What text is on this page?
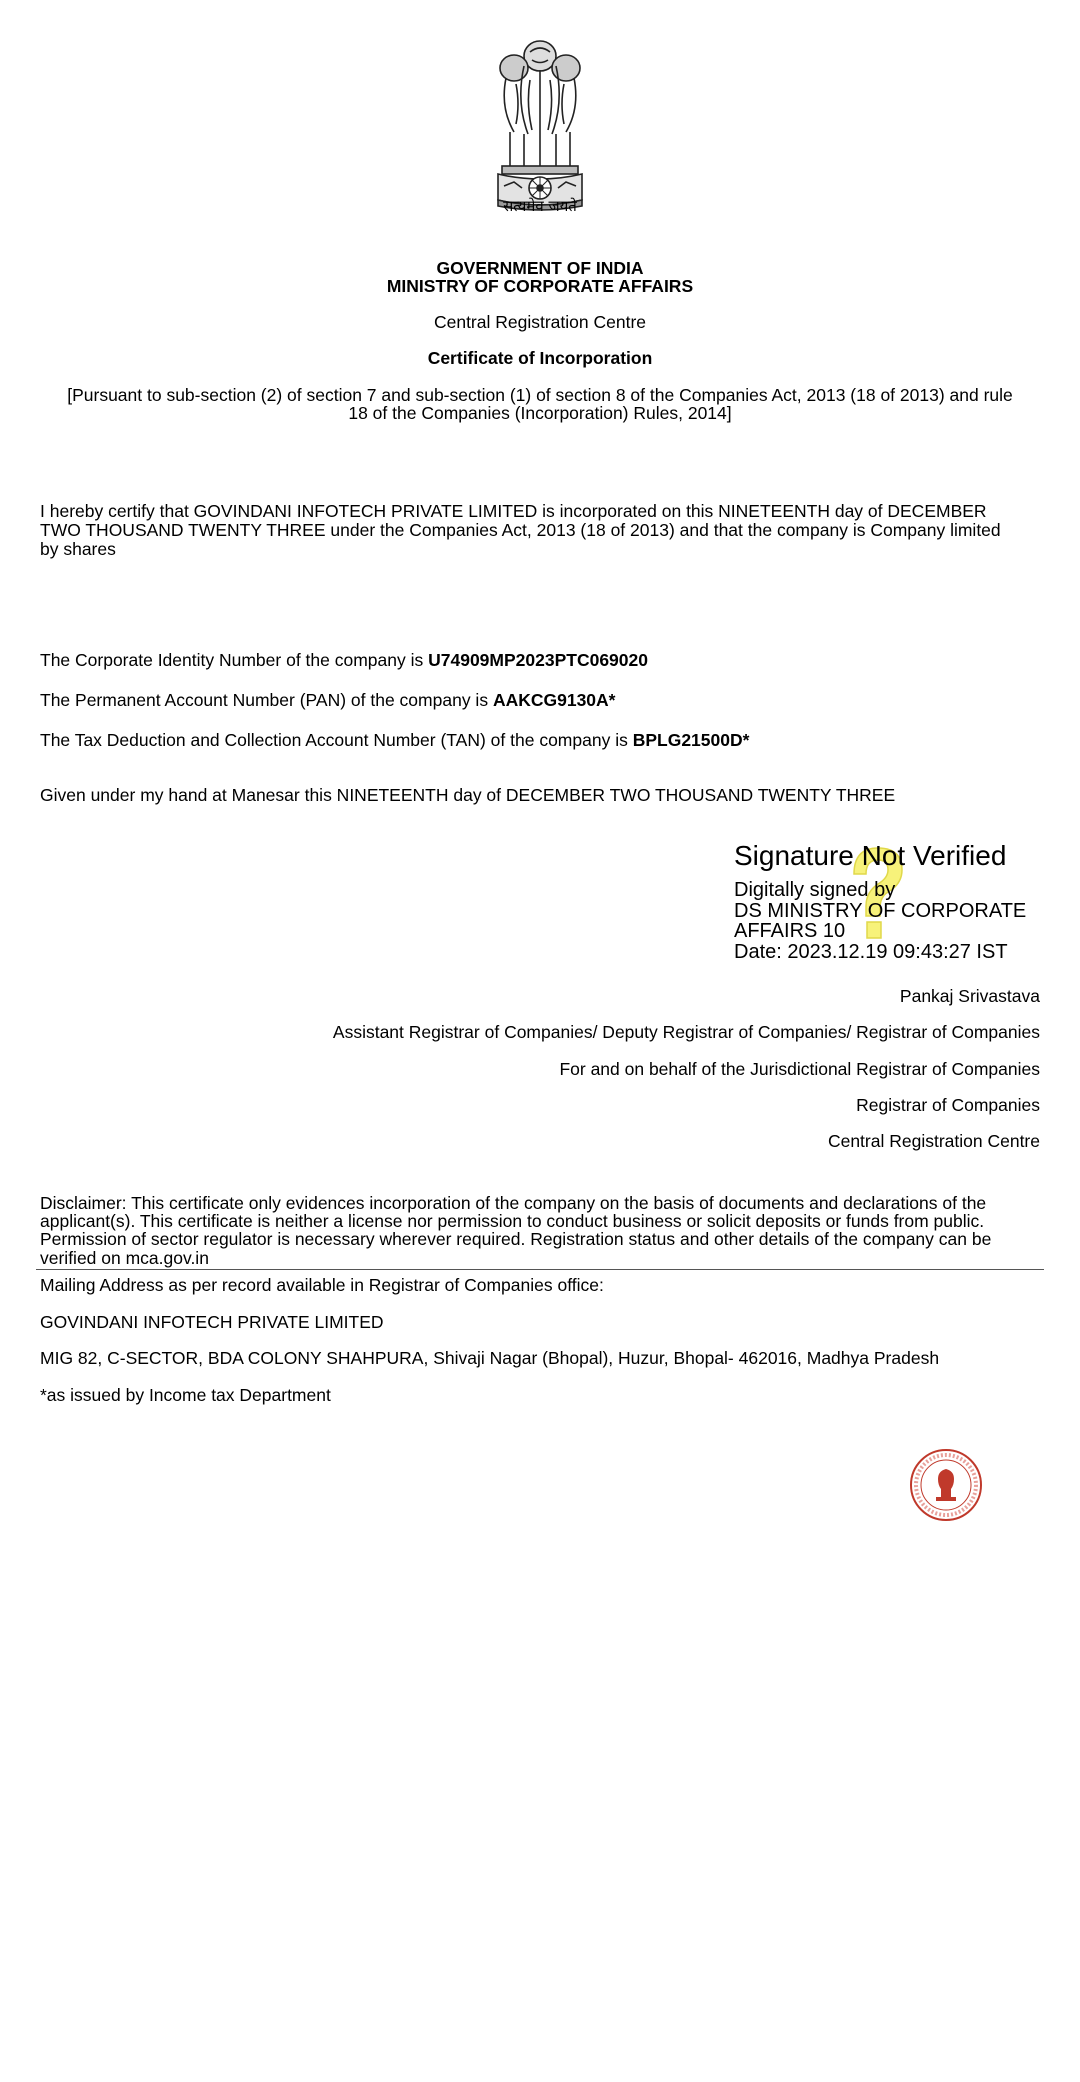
सत्यमेव जयते
GOVERNMENT OF INDIA
MINISTRY OF CORPORATE AFFAIRS
Central Registration Centre
Certificate of Incorporation
[Pursuant to sub-section (2) of section 7 and sub-section (1) of section 8 of the Companies Act, 2013 (18 of 2013) and rule
18 of the Companies (Incorporation) Rules, 2014]
I hereby certify that GOVINDANI INFOTECH PRIVATE LIMITED is incorporated on this NINETEENTH day of DECEMBER
TWO THOUSAND TWENTY THREE under the Companies Act, 2013 (18 of 2013) and that the company is Company limited
by shares
The Corporate Identity Number of the company is U74909MP2023PTC069020
The Permanent Account Number (PAN) of the company is AAKCG9130A*
The Tax Deduction and Collection Account Number (TAN) of the company is BPLG21500D*
Given under my hand at Manesar this NINETEENTH day of DECEMBER TWO THOUSAND TWENTY THREE
Signature Not Verified
Digitally signed by
DS MINISTRY OF CORPORATE
AFFAIRS 10
Date: 2023.12.19 09:43:27 IST
Pankaj Srivastava
Assistant Registrar of Companies/ Deputy Registrar of Companies/ Registrar of Companies
For and on behalf of the Jurisdictional Registrar of Companies
Registrar of Companies
Central Registration Centre
Disclaimer: This certificate only evidences incorporation of the company on the basis of documents and declarations of the
applicant(s). This certificate is neither a license nor permission to conduct business or solicit deposits or funds from public.
Permission of sector regulator is necessary wherever required. Registration status and other details of the company can be
verified on mca.gov.in
Mailing Address as per record available in Registrar of Companies office:
GOVINDANI INFOTECH PRIVATE LIMITED
MIG 82, C-SECTOR, BDA COLONY SHAHPURA, Shivaji Nagar (Bhopal), Huzur, Bhopal- 462016, Madhya Pradesh
*as issued by Income tax Department
